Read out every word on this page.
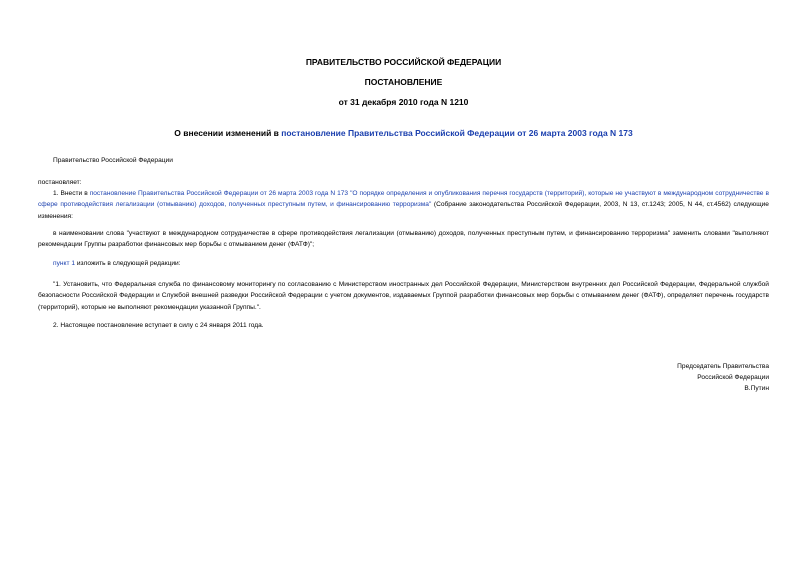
ПРАВИТЕЛЬСТВО РОССИЙСКОЙ ФЕДЕРАЦИИ
ПОСТАНОВЛЕНИЕ
от 31 декабря 2010 года N 1210
О внесении изменений в постановление Правительства Российской Федерации от 26 марта 2003 года N 173
Правительство Российской Федерации
постановляет:
1. Внести в постановление Правительства Российской Федерации от 26 марта 2003 года N 173 "О порядке определения и опубликования перечня государств (территорий), которые не участвуют в международном сотрудничестве в сфере противодействия легализации (отмыванию) доходов, полученных преступным путем, и финансированию терроризма" (Собрание законодательства Российской Федерации, 2003, N 13, ст.1243; 2005, N 44, ст.4562) следующие изменения:
в наименовании слова "участвуют в международном сотрудничестве в сфере противодействия легализации (отмыванию) доходов, полученных преступным путем, и финансированию терроризма" заменить словами "выполняют рекомендации Группы разработки финансовых мер борьбы с отмыванием денег (ФАТФ)";
пункт 1 изложить в следующей редакции:
"1. Установить, что Федеральная служба по финансовому мониторингу по согласованию с Министерством иностранных дел Российской Федерации, Министерством внутренних дел Российской Федерации, Федеральной службой безопасности Российской Федерации и Службой внешней разведки Российской Федерации с учетом документов, издаваемых Группой разработки финансовых мер борьбы с отмыванием денег (ФАТФ), определяет перечень государств (территорий), которые не выполняют рекомендации указанной Группы.".
2. Настоящее постановление вступает в силу с 24 января 2011 года.
Председатель Правительства
Российской Федерации
В.Путин
